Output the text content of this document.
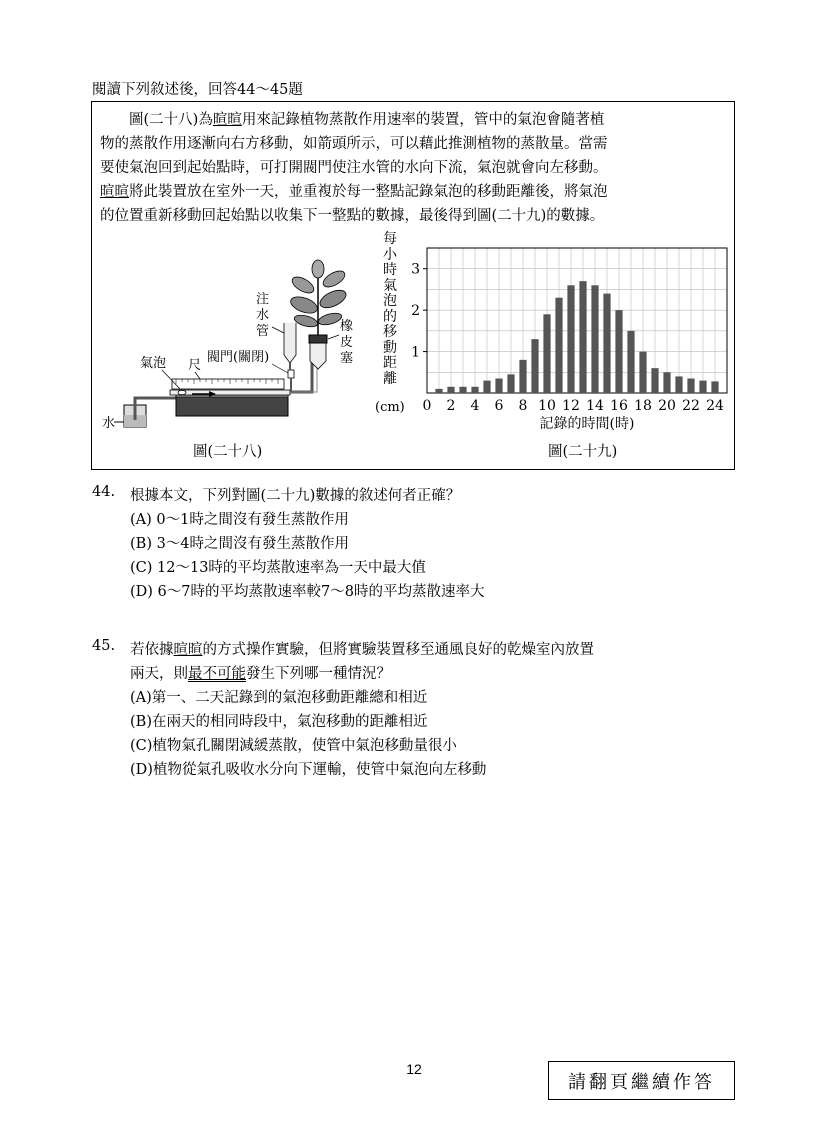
閱讀下列敘述後，回答44～45題

圖(二十八)為暄暄用來記錄植物蒸散作用速率的裝置，管中的氣泡會隨著植

物的蒸散作用逐漸向右方移動，如箭頭所示，可以藉此推測植物的蒸散量。當需

要使氣泡回到起始點時，可打開閥門使注水管的水向下流，氣泡就會向左移動。

暄暄將此裝置放在室外一天，並重複於每一整點記錄氣泡的移動距離後，將氣泡

的位置重新移動回起始點以收集下一整點的數據，最後得到圖(二十九)的數據。

水
氣泡 尺
閥門(關閉)
注 水 管	橡 皮 塞
圖(二十八)
每
小
時
氣
泡
的
移
動
距
離
(cm)
1
2
3
0 2 4 6 8 10 12 14 16 18 20 22 24
記錄的時間(時)
圖(二十九)
44. 根據本文，下列對圖(二十九)數據的敘述何者正確？
(A) 0～1時之間沒有發生蒸散作用
(B) 3～4時之間沒有發生蒸散作用
(C) 12～13時的平均蒸散速率為一天中最大值
(D) 6～7時的平均蒸散速率較7～8時的平均蒸散速率大
45. 若依據暄暄的方式操作實驗，但將實驗裝置移至通風良好的乾燥室內放置
兩天，則最不可能發生下列哪一種情況？
(A)第一、二天記錄到的氣泡移動距離總和相近
(B)在兩天的相同時段中，氣泡移動的距離相近
(C)植物氣孔關閉減緩蒸散，使管中氣泡移動量很小
(D)植物從氣孔吸收水分向下運輸，使管中氣泡向左移動
12
請翻頁繼續作答
